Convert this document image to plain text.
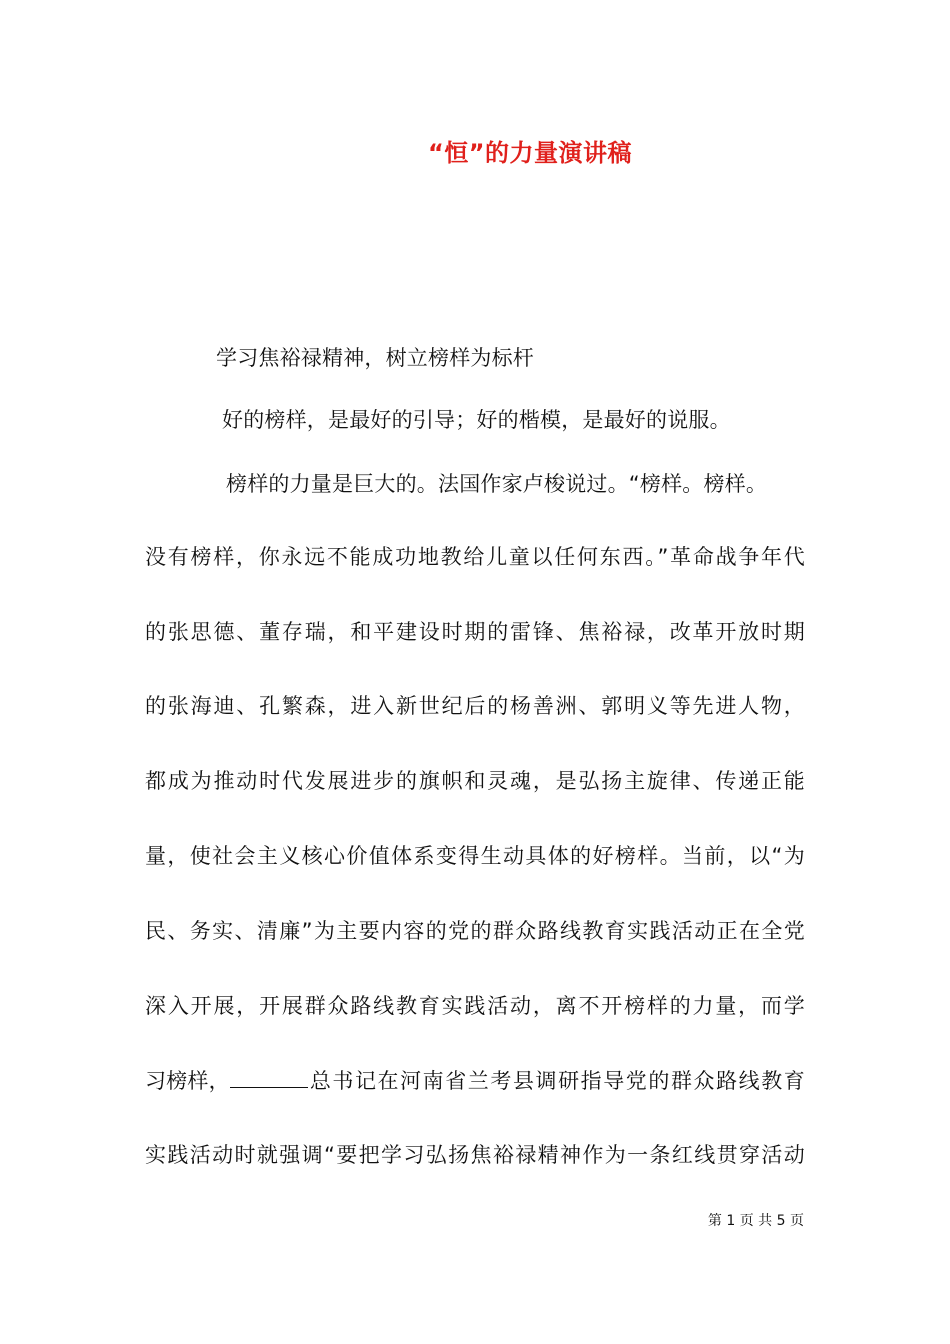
“恒”的力量演讲稿
学习焦裕禄精神，树立榜样为标杆
好的榜样，是最好的引导；好的楷模，是最好的说服。
榜样的力量是巨大的。法国作家卢梭说过。“榜样。榜样。
没有榜样，你永远不能成功地教给儿童以任何东西。”革命战争年代
的张思德、董存瑞，和平建设时期的雷锋、焦裕禄，改革开放时期
的张海迪、孔繁森，进入新世纪后的杨善洲、郭明义等先进人物，
都成为推动时代发展进步的旗帜和灵魂，是弘扬主旋律、传递正能
量，使社会主义核心价值体系变得生动具体的好榜样。当前，以“为
民、务实、清廉”为主要内容的党的群众路线教育实践活动正在全党
深入开展，开展群众路线教育实践活动，离不开榜样的力量，而学
习榜样，	总书记在河南省兰考县调研指导党的群众路线教育
实践活动时就强调“要把学习弘扬焦裕禄精神作为一条红线贯穿活动
第 1 页 共 5 页
